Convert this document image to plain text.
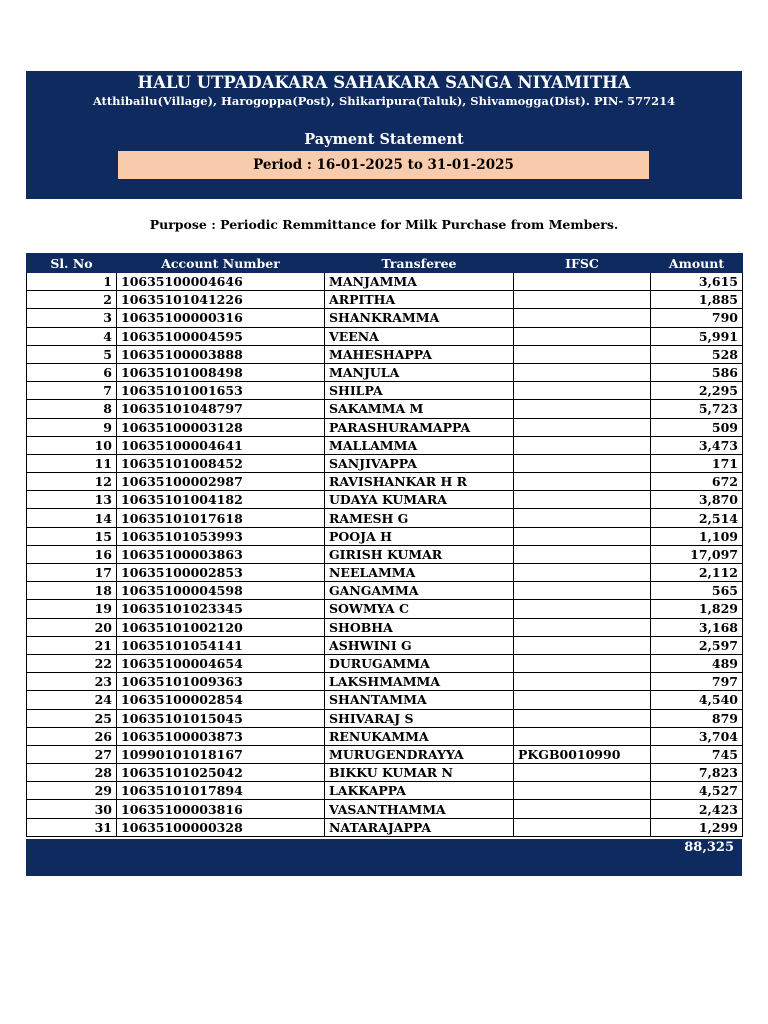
HALU UTPADAKARA SAHAKARA SANGA NIYAMITHA
Atthibailu(Village), Harogoppa(Post), Shikaripura(Taluk), Shivamogga(Dist). PIN- 577214
Payment Statement
Period : 16-01-2025 to 31-01-2025
Purpose : Periodic Remmittance for Milk Purchase from Members.
Sl. No	Account Number	Transferee	IFSC	Amount
1	10635100004646	MANJAMMA		3,615
2	10635101041226	ARPITHA		1,885
3	10635100000316	SHANKRAMMA		790
4	10635100004595	VEENA		5,991
5	10635100003888	MAHESHAPPA		528
6	10635101008498	MANJULA		586
7	10635101001653	SHILPA		2,295
8	10635101048797	SAKAMMA M		5,723
9	10635100003128	PARASHURAMAPPA		509
10	10635100004641	MALLAMMA		3,473
11	10635101008452	SANJIVAPPA		171
12	10635100002987	RAVISHANKAR H R		672
13	10635101004182	UDAYA KUMARA		3,870
14	10635101017618	RAMESH G		2,514
15	10635101053993	POOJA H		1,109
16	10635100003863	GIRISH KUMAR		17,097
17	10635100002853	NEELAMMA		2,112
18	10635100004598	GANGAMMA		565
19	10635101023345	SOWMYA C		1,829
20	10635101002120	SHOBHA		3,168
21	10635101054141	ASHWINI G		2,597
22	10635100004654	DURUGAMMA		489
23	10635101009363	LAKSHMAMMA		797
24	10635100002854	SHANTAMMA		4,540
25	10635101015045	SHIVARAJ S		879
26	10635100003873	RENUKAMMA		3,704
27	10990101018167	MURUGENDRAYYA	PKGB0010990	745
28	10635101025042	BIKKU KUMAR N		7,823
29	10635101017894	LAKKAPPA		4,527
30	10635100003816	VASANTHAMMA		2,423
31	10635100000328	NATARAJAPPA		1,299
88,325
